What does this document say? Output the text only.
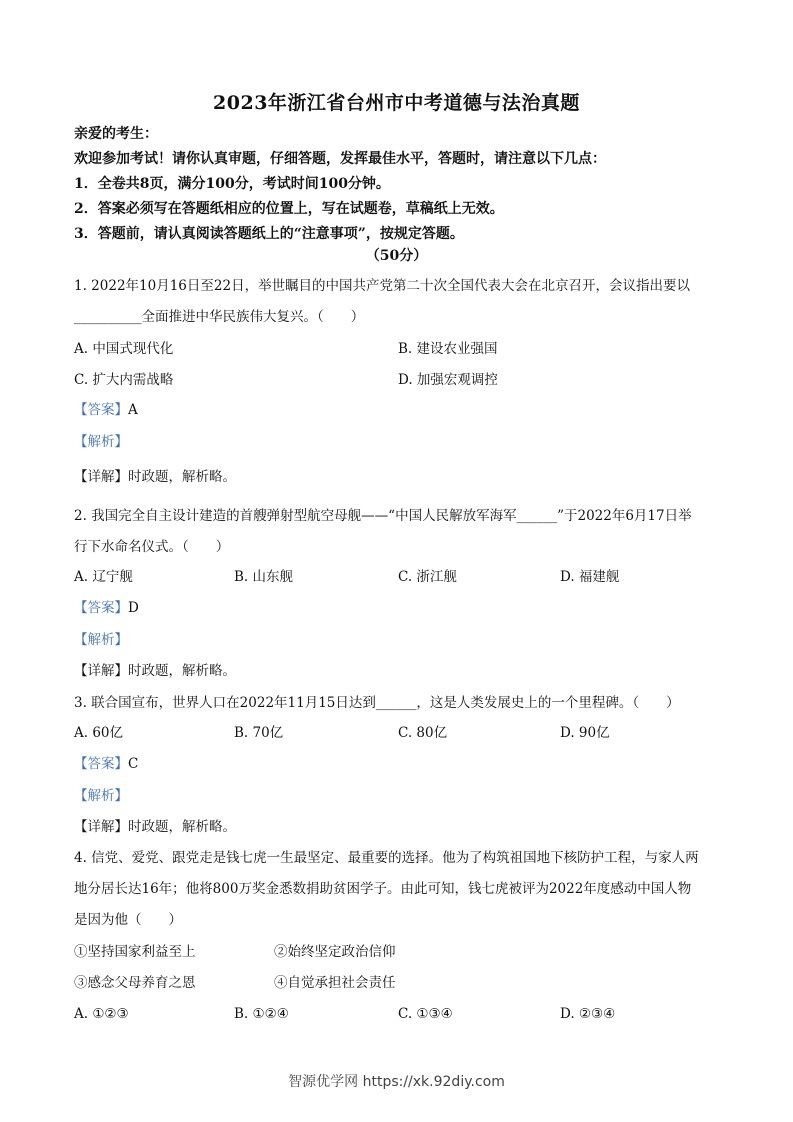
2023年浙江省台州市中考道德与法治真题
亲爱的考生：
欢迎参加考试！请你认真审题，仔细答题，发挥最佳水平，答题时，请注意以下几点：
1．全卷共8页，满分100分，考试时间100分钟。
2．答案必须写在答题纸相应的位置上，写在试题卷，草稿纸上无效。
3．答题前，请认真阅读答题纸上的“注意事项”，按规定答题。
（50分）
1. 2022年10月16日至22日，举世瞩目的中国共产党第二十次全国代表大会在北京召开，会议指出要以
__________全面推进中华民族伟大复兴。（　　）
A. 中国式现代化	B. 建设农业强国
C. 扩大内需战略	D. 加强宏观调控
【答案】A
【解析】
【详解】时政题，解析略。
2. 我国完全自主设计建造的首艘弹射型航空母舰——“中国人民解放军海军______”于2022年6月17日举
行下水命名仪式。（　　）
A. 辽宁舰	B. 山东舰	C. 浙江舰	D. 福建舰
【答案】D
【解析】
【详解】时政题，解析略。
3. 联合国宣布，世界人口在2022年11月15日达到______，这是人类发展史上的一个里程碑。（　　）
A. 60亿	B. 70亿	C. 80亿	D. 90亿
【答案】C
【解析】
【详解】时政题，解析略。
4. 信党、爱党、跟党走是钱七虎一生最坚定、最重要的选择。他为了构筑祖国地下核防护工程，与家人两
地分居长达16年；他将800万奖金悉数捐助贫困学子。由此可知，钱七虎被评为2022年度感动中国人物
是因为他（　　）
①坚持国家利益至上	②始终坚定政治信仰
③感念父母养育之恩	④自觉承担社会责任
A. ①②③	B. ①②④	C. ①③④	D. ②③④
智源优学网 https://xk.92diy.com
